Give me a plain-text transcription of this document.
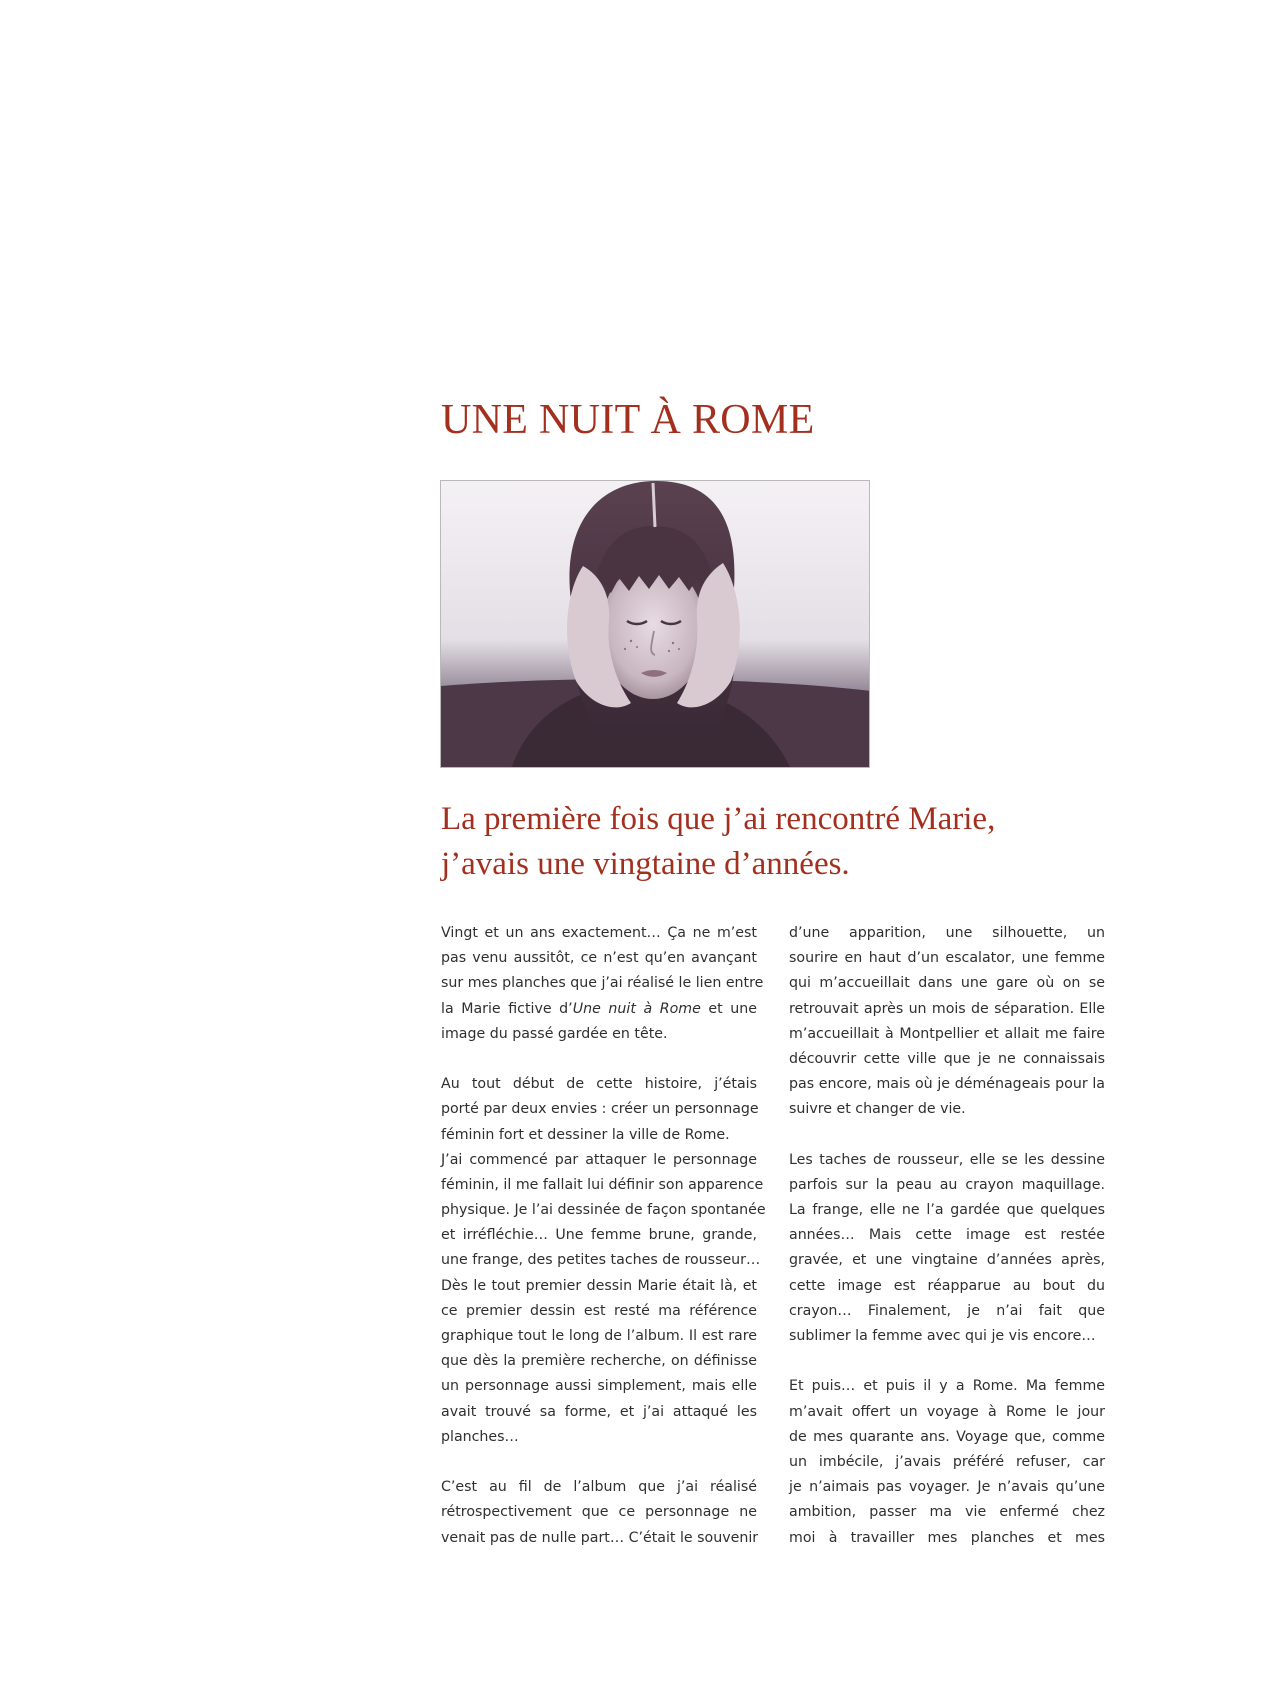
UNE NUIT À ROME
La première fois que j’ai rencontré Marie,
j’avais une vingtaine d’années.
Vingt et un ans exactement… Ça ne m’est
pas venu aussitôt, ce n’est qu’en avançant
sur mes planches que j’ai réalisé le lien entre
la Marie fictive d’Une nuit à Rome et une
image du passé gardée en tête.
Au tout début de cette histoire, j’étais
porté par deux envies : créer un personnage
féminin fort et dessiner la ville de Rome.
J’ai commencé par attaquer le personnage
féminin, il me fallait lui définir son apparence
physique. Je l’ai dessinée de façon spontanée
et irréfléchie… Une femme brune, grande,
une frange, des petites taches de rousseur…
Dès le tout premier dessin Marie était là, et
ce premier dessin est resté ma référence
graphique tout le long de l’album. Il est rare
que dès la première recherche, on définisse
un personnage aussi simplement, mais elle
avait trouvé sa forme, et j’ai attaqué les
planches…
C’est au fil de l’album que j’ai réalisé
rétrospectivement que ce personnage ne
venait pas de nulle part… C’était le souvenir
d’une apparition, une silhouette, un
sourire en haut d’un escalator, une femme
qui m’accueillait dans une gare où on se
retrouvait après un mois de séparation. Elle
m’accueillait à Montpellier et allait me faire
découvrir cette ville que je ne connaissais
pas encore, mais où je déménageais pour la
suivre et changer de vie.
Les taches de rousseur, elle se les dessine
parfois sur la peau au crayon maquillage.
La frange, elle ne l’a gardée que quelques
années… Mais cette image est restée
gravée, et une vingtaine d’années après,
cette image est réapparue au bout du
crayon… Finalement, je n’ai fait que
sublimer la femme avec qui je vis encore…
Et puis… et puis il y a Rome. Ma femme
m’avait offert un voyage à Rome le jour
de mes quarante ans. Voyage que, comme
un imbécile, j’avais préféré refuser, car
je n’aimais pas voyager. Je n’avais qu’une
ambition, passer ma vie enfermé chez
moi à travailler mes planches et mes
